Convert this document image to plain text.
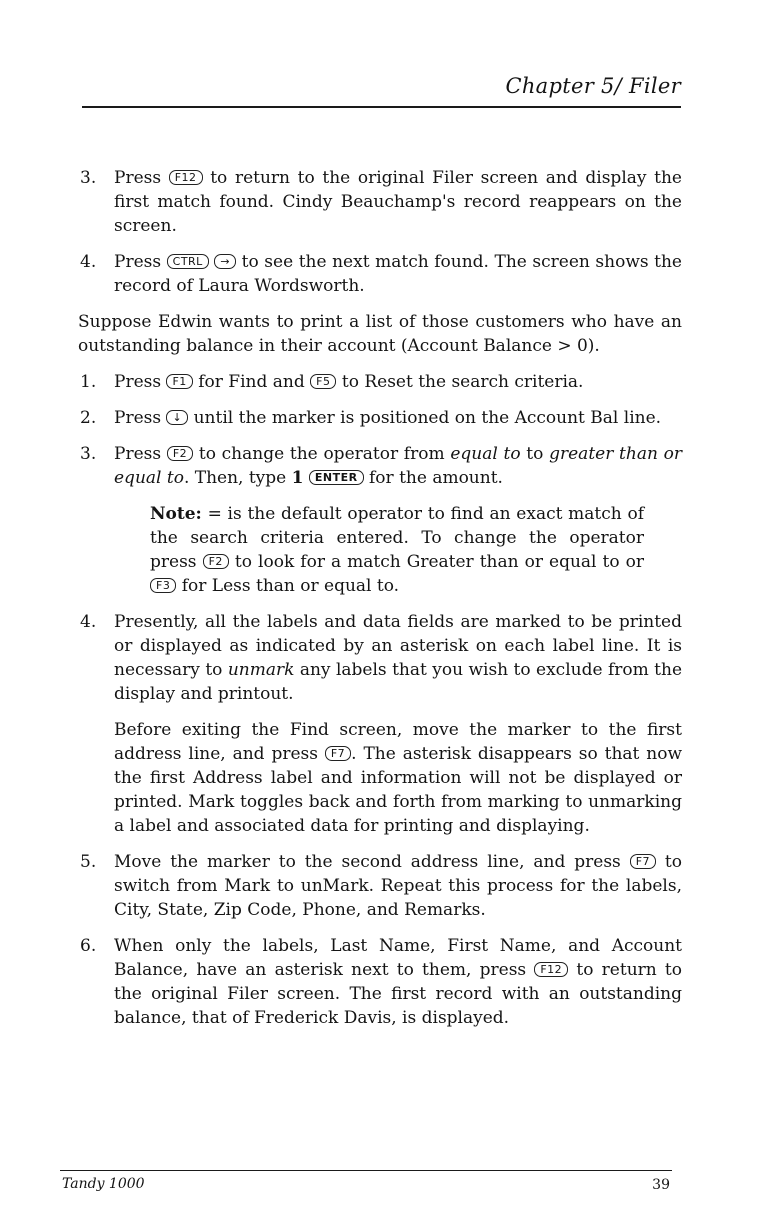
Chapter 5/ Filer
3. Press F12 to return to the original Filer screen and display the first match found. Cindy Beauchamp's record reappears on the screen.
4. Press CTRL → to see the next match found. The screen shows the record of Laura Wordsworth.
Suppose Edwin wants to print a list of those customers who have an outstanding balance in their account (Account Balance > 0).
1. Press F1 for Find and F5 to Reset the search criteria.
2. Press ↓ until the marker is positioned on the Account Bal line.
3. Press F2 to change the operator from equal to to greater than or equal to. Then, type 1 ENTER for the amount.
Note: = is the default operator to find an exact match of the search criteria entered. To change the operator press F2 to look for a match Greater than or equal to or F3 for Less than or equal to.
4. Presently, all the labels and data fields are marked to be printed or displayed as indicated by an asterisk on each label line. It is necessary to unmark any labels that you wish to exclude from the display and printout.
Before exiting the Find screen, move the marker to the first address line, and press F7 . The asterisk disappears so that now the first Address label and information will not be displayed or printed. Mark toggles back and forth from marking to unmarking a label and associated data for printing and displaying.
5. Move the marker to the second address line, and press F7 to switch from Mark to unMark. Repeat this process for the labels, City, State, Zip Code, Phone, and Remarks.
6. When only the labels, Last Name, First Name, and Account Balance, have an asterisk next to them, press F12 to return to the original Filer screen. The first record with an outstanding balance, that of Frederick Davis, is displayed.
Tandy 1000	39
